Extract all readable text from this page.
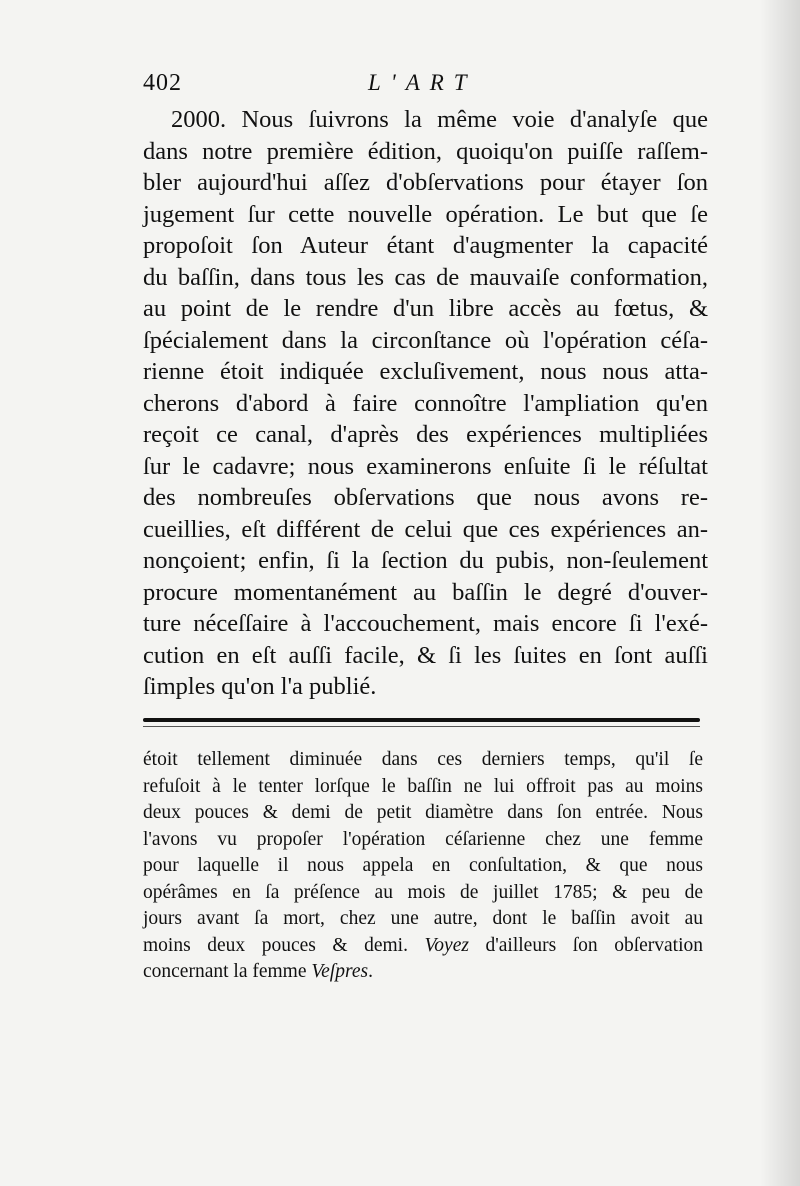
402	L'ART
2000. Nous ſuivrons la même voie d'analyſe que
dans notre première édition, quoiqu'on puiſſe raſſem-
bler aujourd'hui aſſez d'obſervations pour étayer ſon
jugement ſur cette nouvelle opération. Le but que ſe
propoſoit ſon Auteur étant d'augmenter la capacité
du baſſin, dans tous les cas de mauvaiſe conformation,
au point de le rendre d'un libre accès au fœtus, &
ſpécialement dans la circonſtance où l'opération céſa-
rienne étoit indiquée excluſivement, nous nous atta-
cherons d'abord à faire connoître l'ampliation qu'en
reçoit ce canal, d'après des expériences multipliées
ſur le cadavre; nous examinerons enſuite ſi le réſultat
des nombreuſes obſervations que nous avons re-
cueillies, eſt différent de celui que ces expériences an-
nonçoient; enfin, ſi la ſection du pubis, non-ſeulement
procure momentanément au baſſin le degré d'ouver-
ture néceſſaire à l'accouchement, mais encore ſi l'exé-
cution en eſt auſſi facile, & ſi les ſuites en ſont auſſi
ſimples qu'on l'a publié.
étoit tellement diminuée dans ces derniers temps, qu'il ſe
refuſoit à le tenter lorſque le baſſin ne lui offroit pas au moins
deux pouces & demi de petit diamètre dans ſon entrée. Nous
l'avons vu propoſer l'opération céſarienne chez une femme
pour laquelle il nous appela en conſultation, & que nous
opérâmes en ſa préſence au mois de juillet 1785; & peu de
jours avant ſa mort, chez une autre, dont le baſſin avoit au
moins deux pouces & demi. Voyez d'ailleurs ſon obſervation
concernant la femme Veſpres.
